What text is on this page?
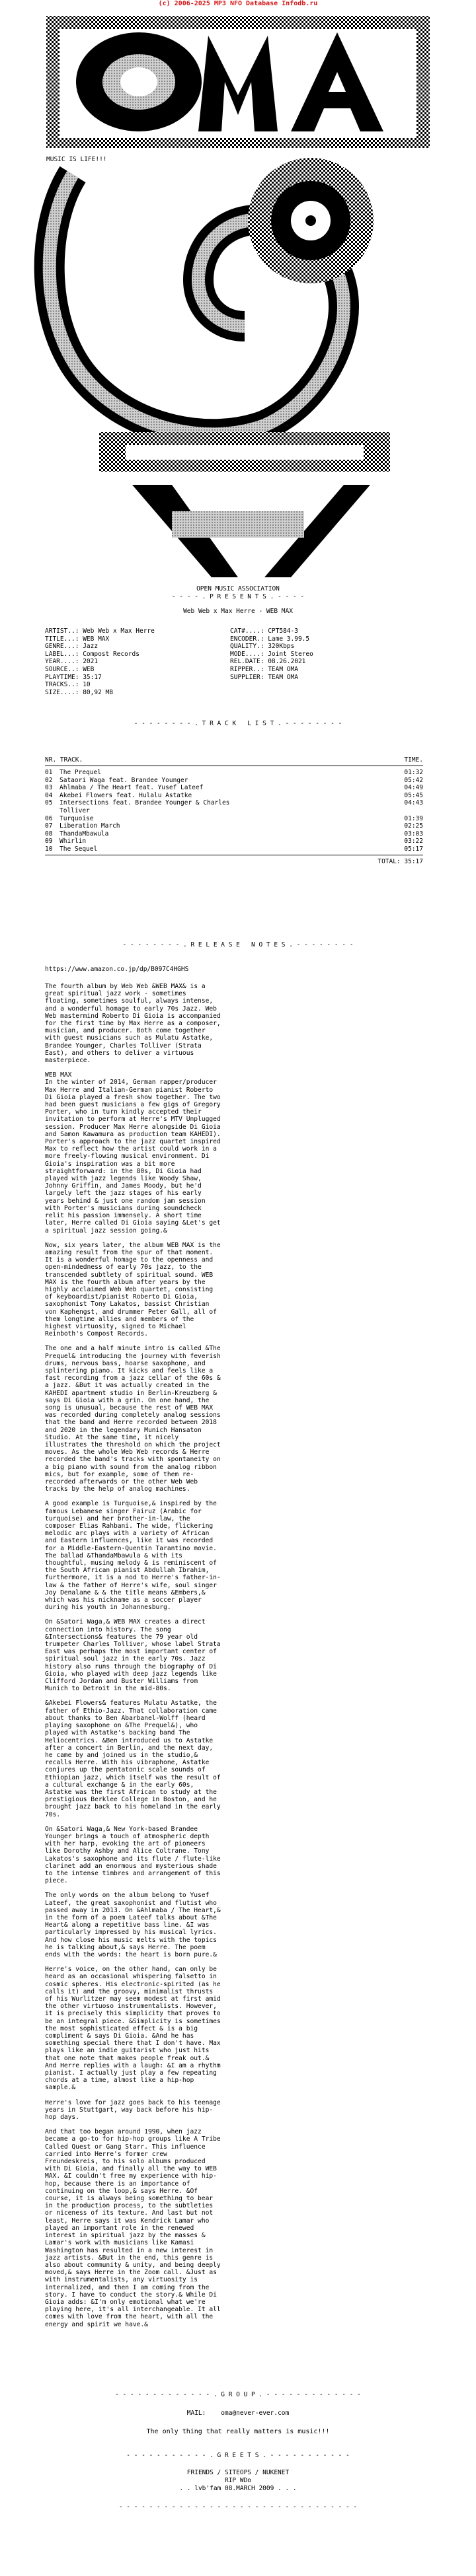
(c) 2006-2025 MP3 NFO Database Infodb.ru
MUSIC IS LIFE!!!
OPEN MUSIC ASSOCIATION
- - - - . P R E S E N T S . - - - -
Web Web x Max Herre - WEB MAX
ARTIST..: Web Web x Max Herre	CAT#....: CPT584-3
TITLE...: WEB MAX	ENCODER.: Lame 3.99.5
GENRE...: Jazz	QUALITY.: 320Kbps
LABEL...: Compost Records	MODE....: Joint Stereo
YEAR....: 2021	REL.DATE: 08.26.2021
SOURCE..: WEB	RIPPER..: TEAM OMA
PLAYTIME: 35:17	SUPPLIER: TEAM OMA
TRACKS..: 10
SIZE....: 80,92 MB
- - - - - - - - . T R A C K   L I S T . - - - - - - - -
NR. TRACK.	TIME.
01	The Prequel	01:32
02	Sataori Waga feat. Brandee Younger	05:42
03	Ahlmaba / The Heart feat. Yusef Lateef	04:49
04	Akebei Flowers feat. Hulalu Astatke	05:45
05	Intersections feat. Brandee Younger & Charles	04:43
Tolliver
06	Turquoise	01:39
07	Liberation March	02:25
08	ThandaMbawula	03:03
09	Whirlin	03:22
10	The Sequel	05:17
TOTAL: 35:17
- - - - - - - - . R E L E A S E   N O T E S . - - - - - - - -
https://www.amazon.co.jp/dp/B097C4HGHS

The fourth album by Web Web &WEB MAX& is a great spiritual jazz work - sometimes floating, sometimes soulful, always intense, and a wonderful homage to early 70s Jazz. Web Web mastermind Roberto Di Gioia is accompanied for the first time by Max Herre as a composer, musician, and producer. Both come together with guest musicians such as Mulatu Astatke, Brandee Younger, Charles Tolliver (Strata East), and others to deliver a virtuous masterpiece.

WEB MAX
In the winter of 2014, German rapper/producer Max Herre and Italian-German pianist Roberto Di Gioia played a fresh show together. The two had been guest musicians a few gigs of Gregory Porter, who in turn kindly accepted their invitation to perform at Herre's MTV Unplugged session. Producer Max Herre alongside Di Gioia and Samon Kawamura as production team KAHEDI). Porter's approach to the jazz quartet inspired Max to reflect how the artist could work in a more freely-flowing musical environment. Di Gioia's inspiration was a bit more straightforward: in the 80s, Di Gioia had played with jazz legends like Woody Shaw, Johnny Griffin, and James Moody, but he'd largely left the jazz stages of his early years behind & just one random jam session with Porter's musicians during soundcheck relit his passion immensely. A short time later, Herre called Di Gioia saying &Let's get a spiritual jazz session going.&

Now, six years later, the album WEB MAX is the amazing result from the spur of that moment. It is a wonderful homage to the openness and open-mindedness of early 70s jazz, to the transcended subtlety of spiritual sound. WEB MAX is the fourth album after years by the highly acclaimed Web Web quartet, consisting of keyboardist/pianist Roberto Di Gioia, saxophonist Tony Lakatos, bassist Christian von Kaphengst, and drummer Peter Gall, all of them longtime allies and members of the highest virtuosity, signed to Michael Reinboth's Compost Records.

The one and a half minute intro is called &The Prequel& introducing the journey with feverish drums, nervous bass, hoarse saxophone, and splintering piano. It kicks and feels like a fast recording from a jazz cellar of the 60s & a jazz. &But it was actually created in the KAHEDI apartment studio in Berlin-Kreuzberg & says Di Gioia with a grin. On one hand, the song is unusual, because the rest of WEB MAX was recorded during completely analog sessions that the band and Herre recorded between 2018 and 2020 in the legendary Munich Hansaton Studio. At the same time, it nicely illustrates the threshold on which the project moves. As the whole Web Web records & Herre recorded the band's tracks with spontaneity on a big piano with sound from the analog ribbon mics, but for example, some of them re-recorded afterwards or the other Web Web tracks by the help of analog machines.

A good example is Turquoise,& inspired by the famous Lebanese singer Fairuz (Arabic for turquoise) and her brother-in-law, the composer Elias Rahbani. The wide, flickering melodic arc plays with a variety of African and Eastern influences, like it was recorded for a Middle-Eastern-Quentin Tarantino movie. The ballad &ThandaMbawula & with its thoughtful, musing melody & is reminiscent of the South African pianist Abdullah Ibrahim, furthermore, it is a nod to Herre's father-in-law & the father of Herre's wife, soul singer Joy Denalane & & the title means &Embers,& which was his nickname as a soccer player during his youth in Johannesburg.

On &Satori Waga,& WEB MAX creates a direct connection into history. The song &Intersections& features the 79 year old trumpeter Charles Tolliver, whose label Strata East was perhaps the most important center of spiritual soul jazz in the early 70s. Jazz history also runs through the biography of Di Gioia, who played with deep jazz legends like Clifford Jordan and Buster Williams from Munich to Detroit in the mid-80s.

&Akebei Flowers& features Mulatu Astatke, the father of Ethio-Jazz. That collaboration came about thanks to Ben Abarbanel-Wolff (heard playing saxophone on &The Prequel&), who played with Astatke's backing band The Heliocentrics. &Ben introduced us to Astatke after a concert in Berlin, and the next day, he came by and joined us in the studio,& recalls Herre. With his vibraphone, Astatke conjures up the pentatonic scale sounds of Ethiopian jazz, which itself was the result of a cultural exchange & in the early 60s, Astatke was the first African to study at the prestigious Berklee College in Boston, and he brought jazz back to his homeland in the early 70s.

On &Satori Waga,& New York-based Brandee Younger brings a touch of atmospheric depth with her harp, evoking the art of pioneers like Dorothy Ashby and Alice Coltrane. Tony Lakatos's saxophone and its flute / flute-like clarinet add an enormous and mysterious shade to the intense timbres and arrangement of this piece.

The only words on the album belong to Yusef Lateef, the great saxophonist and flutist who passed away in 2013. On &Ahlmaba / The Heart,& in the form of a poem Lateef talks about &The Heart& along a repetitive bass line. &I was particularly impressed by his musical lyrics. And how close his music melts with the topics he is talking about,& says Herre. The poem ends with the words: the heart is born pure.&

Herre's voice, on the other hand, can only be heard as an occasional whispering falsetto in cosmic spheres. His electronic-spirited (as he calls it) and the groovy, minimalist thrusts of his Wurlitzer may seem modest at first amid the other virtuoso instrumentalists. However, it is precisely this simplicity that proves to be an integral piece. &Simplicity is sometimes the most sophisticated effect & is a big compliment & says Di Gioia. &And he has something special there that I don't have. Max plays like an indie guitarist who just hits that one note that makes people freak out.& And Herre replies with a laugh: &I am a rhythm pianist. I actually just play a few repeating chords at a time, almost like a hip-hop sample.&

Herre's love for jazz goes back to his teenage years in Stuttgart, way back before his hip-hop days.

And that too began around 1990, when jazz became a go-to for hip-hop groups like A Tribe Called Quest or Gang Starr. This influence carried into Herre's former crew Freundeskreis, to his solo albums produced with Di Gioia, and finally all the way to WEB MAX. &I couldn't free my experience with hip-hop, because there is an importance of continuing on the loop,& says Herre. &Of course, it is always being something to bear in the production process, to the subtleties or niceness of its texture. And last but not least, Herre says it was Kendrick Lamar who played an important role in the renewed interest in spiritual jazz by the masses & Lamar's work with musicians like Kamasi Washington has resulted in a new interest in jazz artists. &But in the end, this genre is also about community & unity, and being deeply moved,& says Herre in the Zoom call. &Just as with instrumentalists, any virtuosity is internalized, and then I am coming from the story. I have to conduct the story.& While Di Gioia adds: &I'm only emotional what we're playing here, it's all interchangeable. It all comes with love from the heart, with all the energy and spirit we have.&

- - - - - - - - - - - - - . G R O U P . - - - - - - - - - - - - -
MAIL: oma@never-ever.com
The only thing that really matters is music!!!
- - - - - - - - - - - . G R E E T S . - - - - - - - - - - -
FRIENDS / SITEOPS / NUKENET
RIP WDo
. . lvb'fam 08.MARCH 2009 . . .
- - - - - - - - - - - - - - - - - - - - - - - - - - - - - - - -
